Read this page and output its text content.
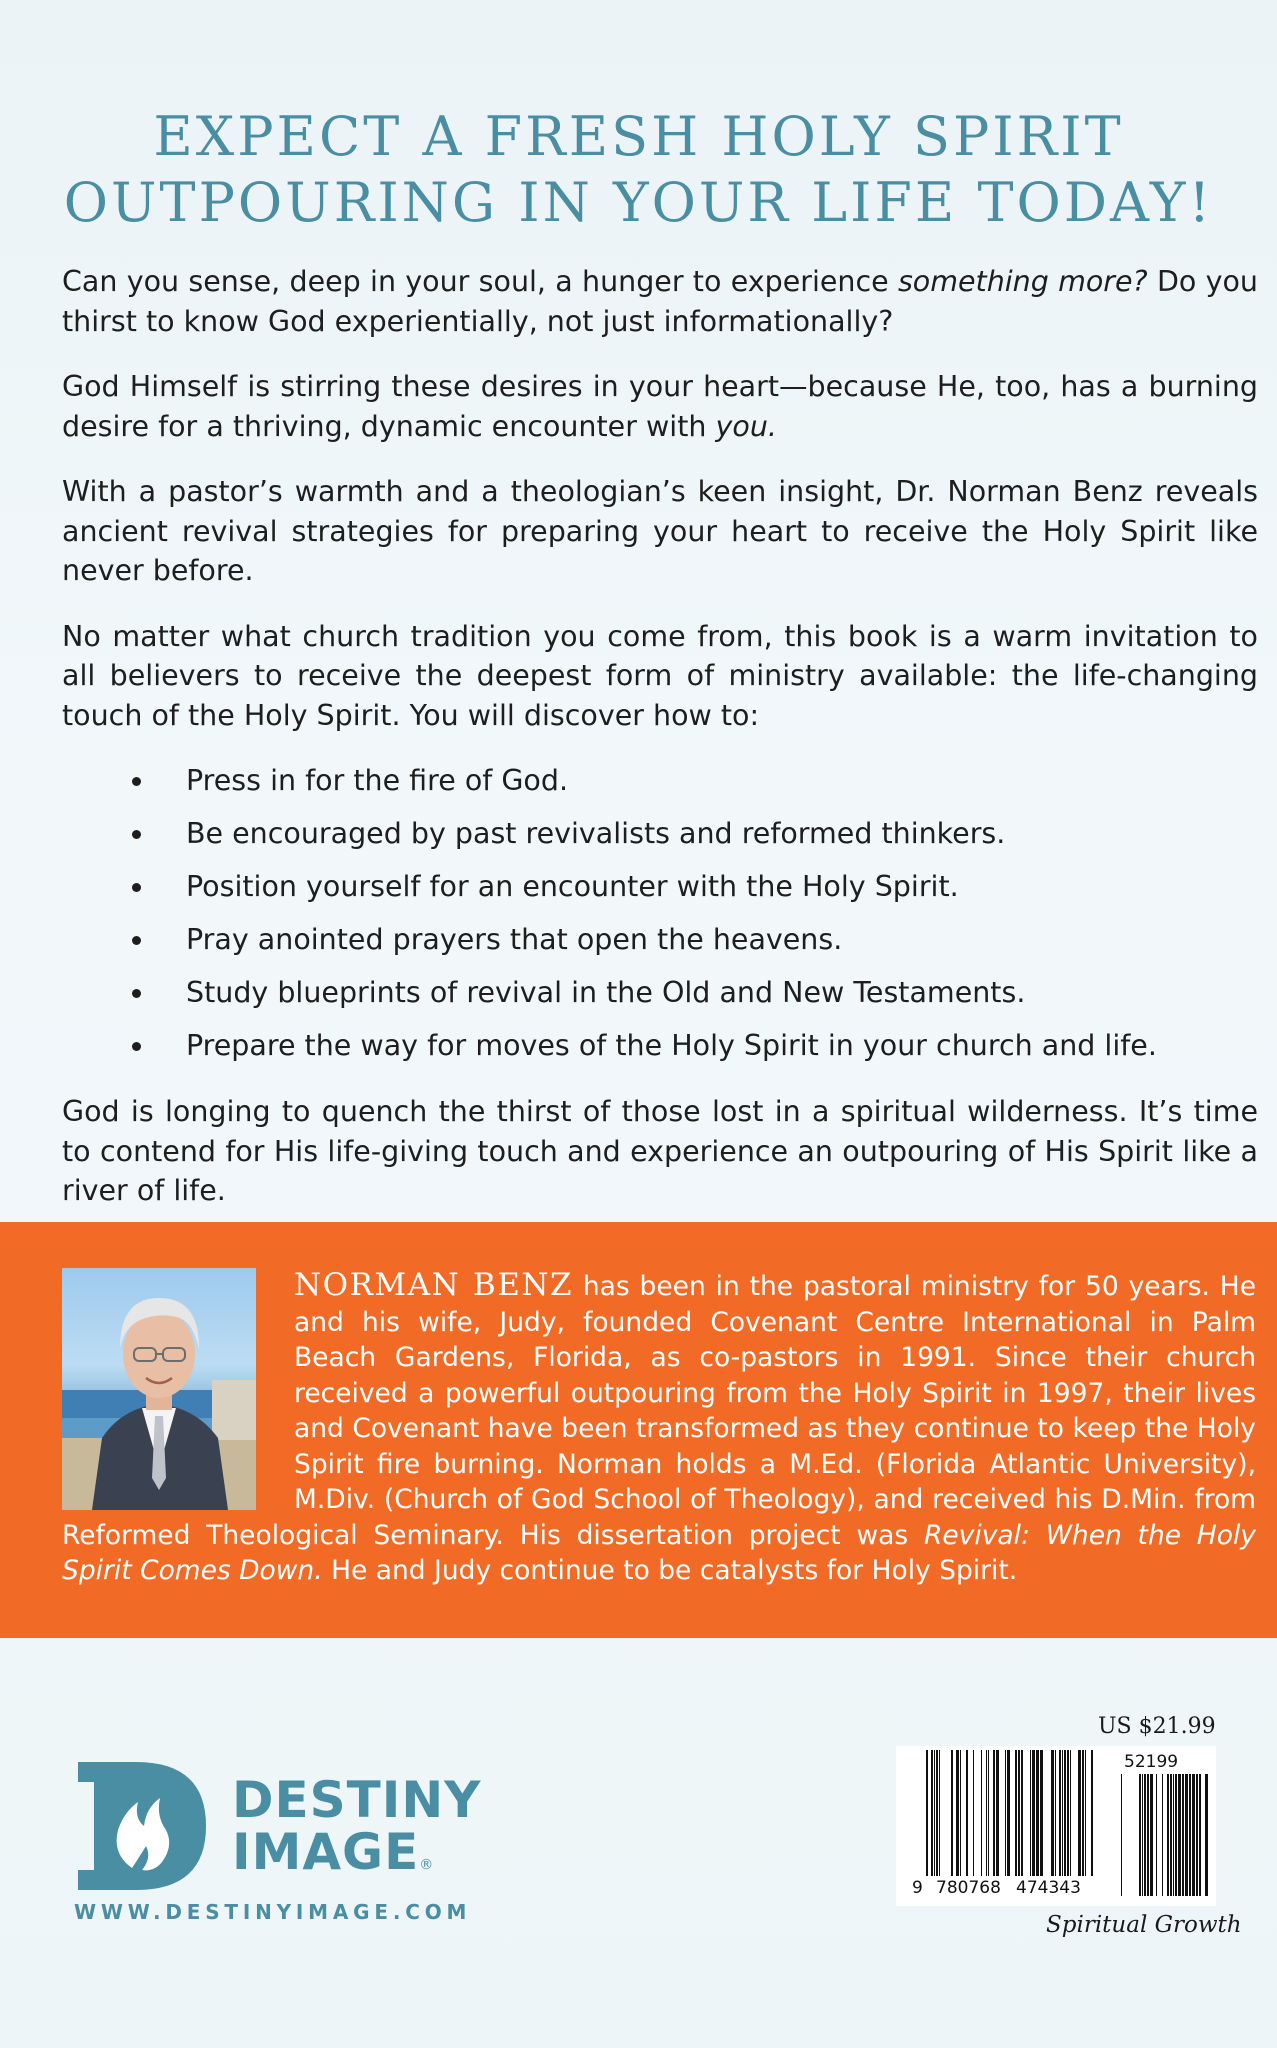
EXPECT A FRESH HOLY SPIRIT
OUTPOURING IN YOUR LIFE TODAY!

Can you sense, deep in your soul, a hunger to experience something more? Do you thirst to know God experientially, not just informationally?

God Himself is stirring these desires in your heart—because He, too, has a burning desire for a thriving, dynamic encounter with you.

With a pastor’s warmth and a theologian’s keen insight, Dr. Norman Benz reveals ancient revival strategies for preparing your heart to receive the Holy Spirit like never before.

No matter what church tradition you come from, this book is a warm invitation to all believers to receive the deepest form of ministry available: the life-changing touch of the Holy Spirit. You will discover how to:

Press in for the fire of God.
Be encouraged by past revivalists and reformed thinkers.
Position yourself for an encounter with the Holy Spirit.
Pray anointed prayers that open the heavens.
Study blueprints of revival in the Old and New Testaments.
Prepare the way for moves of the Holy Spirit in your church and life.

God is longing to quench the thirst of those lost in a spiritual wilderness. It’s time to contend for His life-giving touch and experience an outpouring of His Spirit like a river of life.

NORMAN BENZ has been in the pastoral ministry for 50 years. He and his wife, Judy, founded Covenant Centre International in Palm Beach Gardens, Florida, as co-pastors in 1991. Since their church received a powerful outpouring from the Holy Spirit in 1997, their lives and Covenant have been transformed as they continue to keep the Holy Spirit fire burning. Norman holds a M.Ed. (Florida Atlantic University), M.Div. (Church of God School of Theology), and received his D.Min. from Reformed Theological Seminary. His dissertation project was Revival: When the Holy Spirit Comes Down. He and Judy continue to be catalysts for Holy Spirit.

DESTINY
IMAGE®
WWW.DESTINYIMAGE.COM
US $21.99
52199
9 780768 474343
Spiritual Growth
